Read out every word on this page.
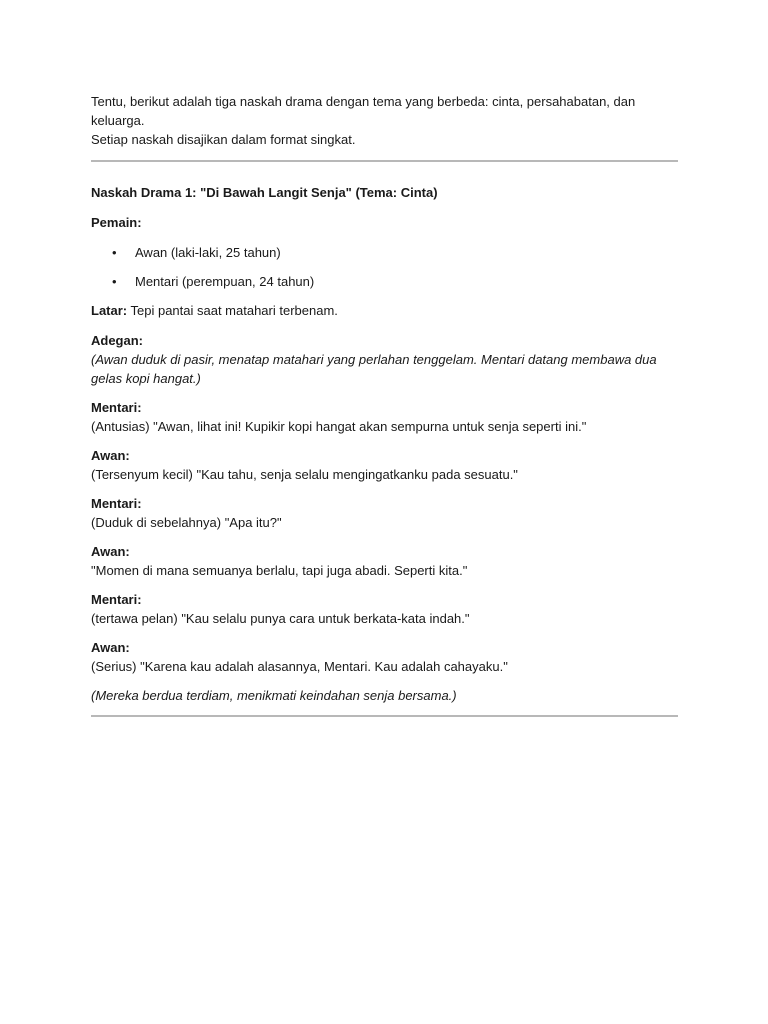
Tentu, berikut adalah tiga naskah drama dengan tema yang berbeda: cinta, persahabatan, dan keluarga.
Setiap naskah disajikan dalam format singkat.

Naskah Drama 1: "Di Bawah Langit Senja" (Tema: Cinta)

Pemain:

• Awan (laki-laki, 25 tahun)
• Mentari (perempuan, 24 tahun)

Latar: Tepi pantai saat matahari terbenam.

Adegan:
(Awan duduk di pasir, menatap matahari yang perlahan tenggelam. Mentari datang membawa dua gelas kopi hangat.)

Mentari:
(Antusias) "Awan, lihat ini! Kupikir kopi hangat akan sempurna untuk senja seperti ini."

Awan:
(Tersenyum kecil) "Kau tahu, senja selalu mengingatkanku pada sesuatu."

Mentari:
(Duduk di sebelahnya) "Apa itu?"

Awan:
"Momen di mana semuanya berlalu, tapi juga abadi. Seperti kita."

Mentari:
(tertawa pelan) "Kau selalu punya cara untuk berkata-kata indah."

Awan:
(Serius) "Karena kau adalah alasannya, Mentari. Kau adalah cahayaku."

(Mereka berdua terdiam, menikmati keindahan senja bersama.)
